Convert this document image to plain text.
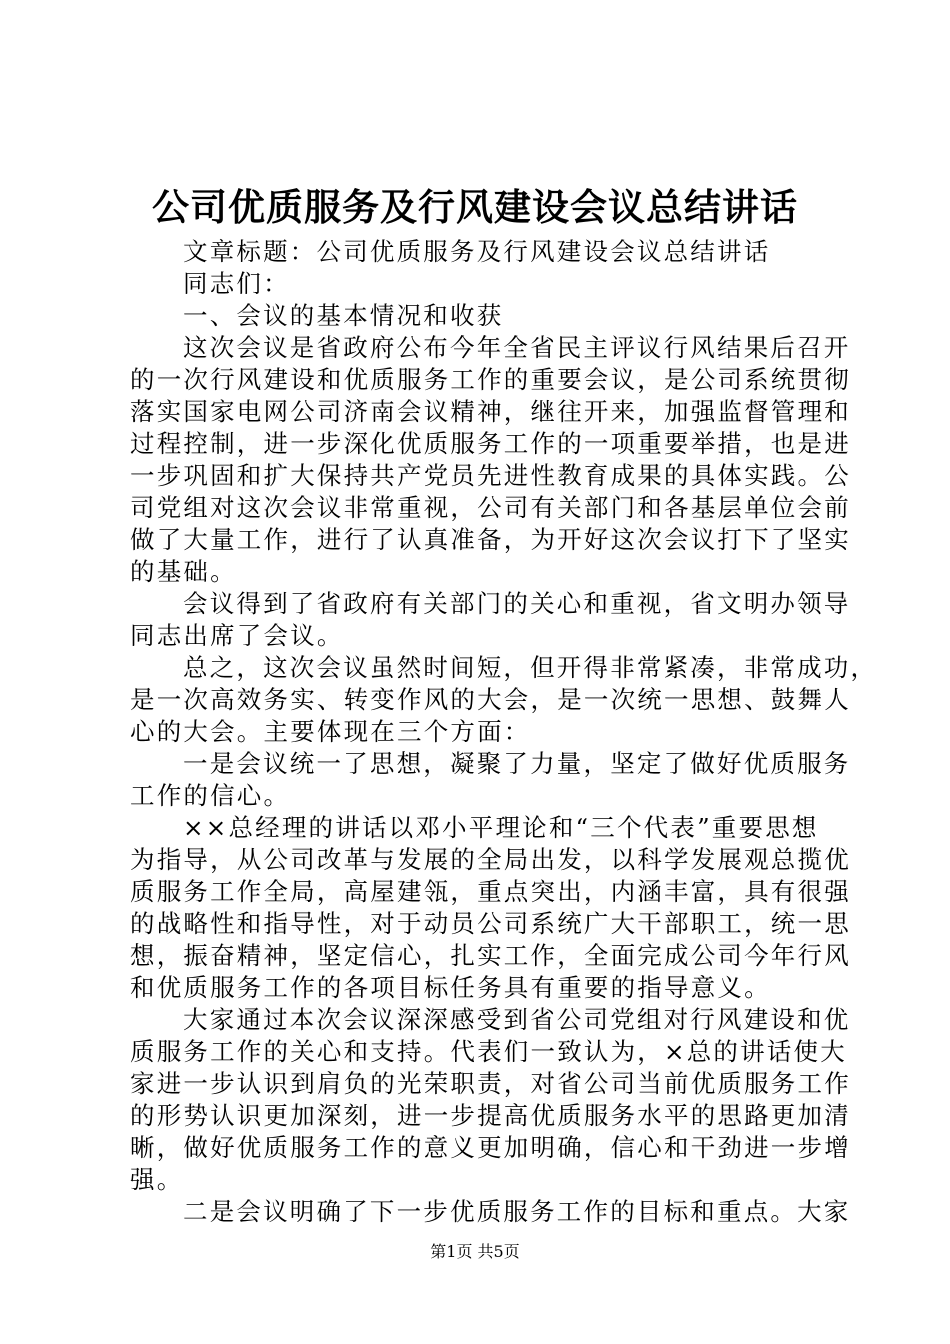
公司优质服务及行风建设会议总结讲话
文章标题：公司优质服务及行风建设会议总结讲话
同志们：
一、会议的基本情况和收获
这次会议是省政府公布今年全省民主评议行风结果后召开
的一次行风建设和优质服务工作的重要会议，是公司系统贯彻
落实国家电网公司济南会议精神，继往开来，加强监督管理和
过程控制，进一步深化优质服务工作的一项重要举措，也是进
一步巩固和扩大保持共产党员先进性教育成果的具体实践。公
司党组对这次会议非常重视，公司有关部门和各基层单位会前
做了大量工作，进行了认真准备，为开好这次会议打下了坚实
的基础。
会议得到了省政府有关部门的关心和重视，省文明办领导
同志出席了会议。
总之，这次会议虽然时间短，但开得非常紧凑，非常成功，
是一次高效务实、转变作风的大会，是一次统一思想、鼓舞人
心的大会。主要体现在三个方面：
一是会议统一了思想，凝聚了力量，坚定了做好优质服务
工作的信心。
××总经理的讲话以邓小平理论和“三个代表”重要思想
为指导，从公司改革与发展的全局出发，以科学发展观总揽优
质服务工作全局，高屋建瓴，重点突出，内涵丰富，具有很强
的战略性和指导性，对于动员公司系统广大干部职工，统一思
想，振奋精神，坚定信心，扎实工作，全面完成公司今年行风
和优质服务工作的各项目标任务具有重要的指导意义。
大家通过本次会议深深感受到省公司党组对行风建设和优
质服务工作的关心和支持。代表们一致认为，×总的讲话使大
家进一步认识到肩负的光荣职责，对省公司当前优质服务工作
的形势认识更加深刻，进一步提高优质服务水平的思路更加清
晰，做好优质服务工作的意义更加明确，信心和干劲进一步增
强。
二是会议明确了下一步优质服务工作的目标和重点。大家
第1页 共5页
